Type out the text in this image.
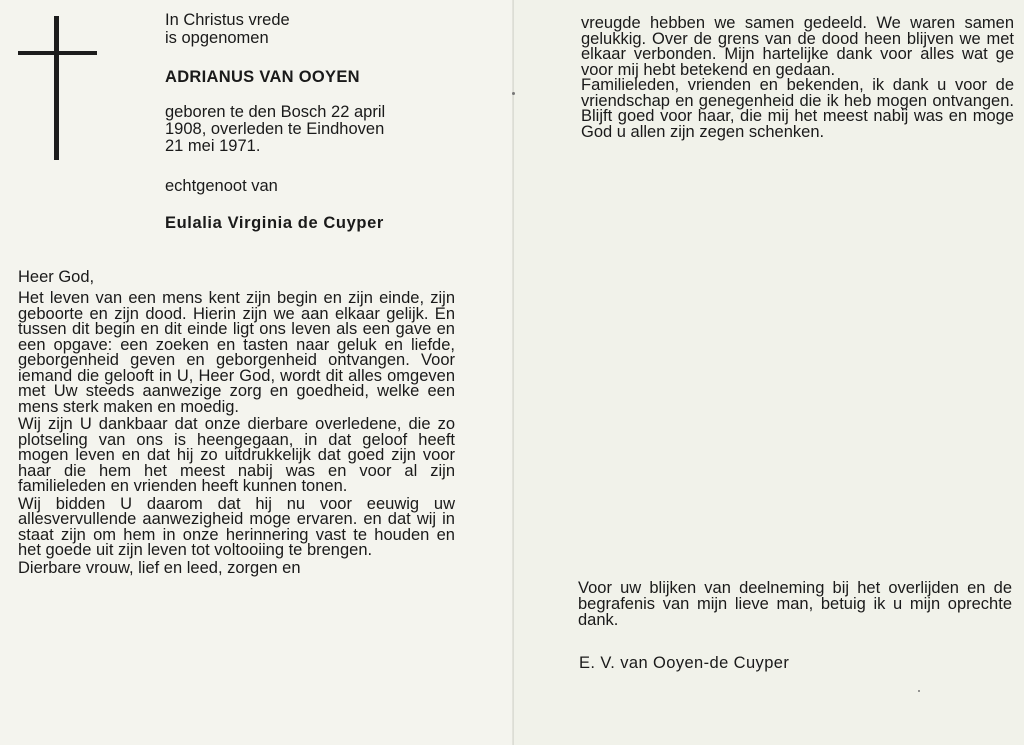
In Christus vrede
is opgenomen
ADRIANUS VAN OOYEN
geboren te den Bosch 22 april
1908, overleden te Eindhoven
21 mei 1971.
echtgenoot van
Eulalia Virginia de Cuyper
Heer God,

Het leven van een mens kent zijn begin en zijn einde, zijn geboorte en zijn dood. Hierin zijn we aan elkaar gelijk. En tussen dit begin en dit einde ligt ons leven als een gave en een opgave: een zoeken en tasten naar geluk en liefde, geborgenheid geven en geborgenheid ontvangen. Voor iemand die gelooft in U, Heer God, wordt dit alles omgeven met Uw steeds aanwezige zorg en goedheid, welke een mens sterk maken en moedig.

Wij zijn U dankbaar dat onze dierbare overledene, die zo plotseling van ons is heengegaan, in dat geloof heeft mogen leven en dat hij zo uitdrukkelijk dat goed zijn voor haar die hem het meest nabij was en voor al zijn familieleden en vrienden heeft kunnen tonen.

Wij bidden U daarom dat hij nu voor eeuwig uw allesvervullende aanwezigheid moge ervaren. en dat wij in staat zijn om hem in onze herinnering vast te houden en het goede uit zijn leven tot voltooiing te brengen.

Dierbare vrouw, lief en leed, zorgen en

vreugde hebben we samen gedeeld. We waren samen gelukkig. Over de grens van de dood heen blijven we met elkaar verbonden. Mijn hartelijke dank voor alles wat ge voor mij hebt betekend en gedaan.

Familieleden, vrienden en bekenden, ik dank u voor de vriendschap en genegenheid die ik heb mogen ontvangen. Blijft goed voor haar, die mij het meest nabij was en moge God u allen zijn zegen schenken.

Voor uw blijken van deelneming bij het overlijden en de begrafenis van mijn lieve man, betuig ik u mijn oprechte dank.
E. V. van Ooyen-de Cuyper
